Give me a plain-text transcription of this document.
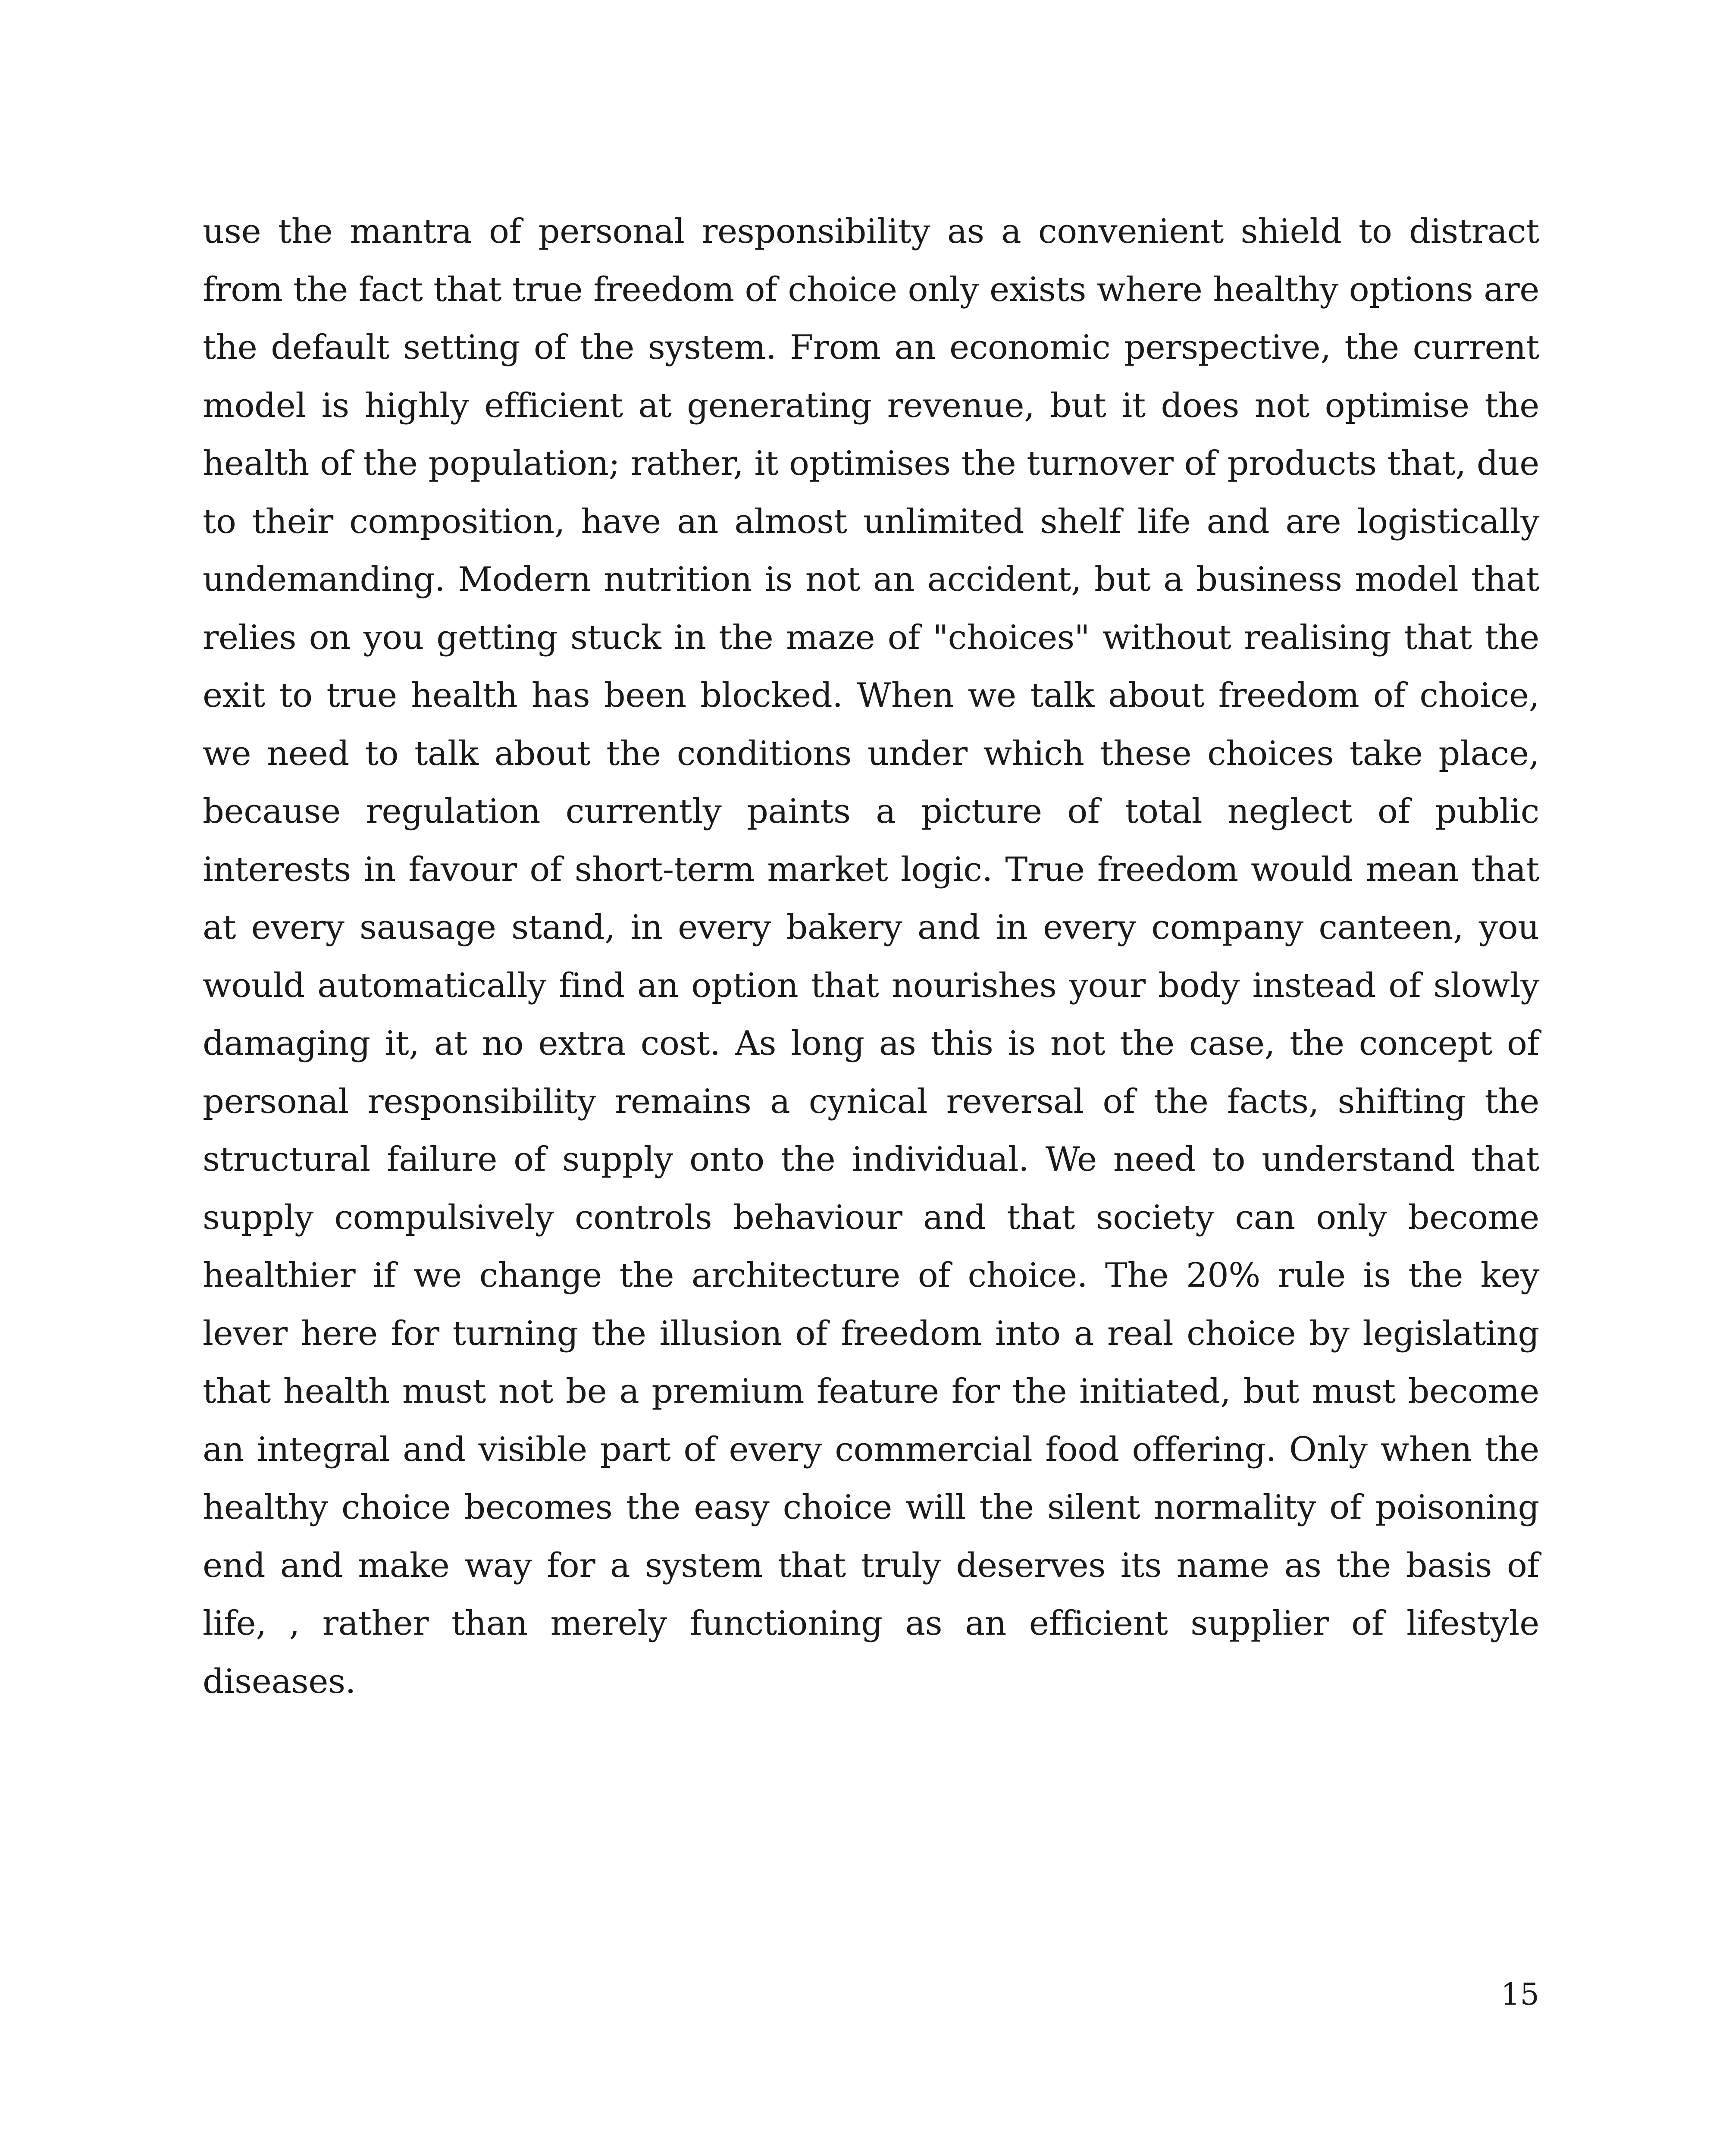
use the mantra of personal responsibility as a convenient shield to distract from the fact that true freedom of choice only exists where healthy options are the default setting of the system. From an economic perspective, the current model is highly efficient at generating revenue, but it does not optimise the health of the population; rather, it optimises the turnover of products that, due to their composition, have an almost unlimited shelf life and are logistically undemanding. Modern nutrition is not an accident, but a business model that relies on you getting stuck in the maze of "choices" without realising that the exit to true health has been blocked. When we talk about freedom of choice, we need to talk about the conditions under which these choices take place, because regulation currently paints a picture of total neglect of public interests in favour of short-term market logic. True freedom would mean that at every sausage stand, in every bakery and in every company canteen, you would automatically find an option that nourishes your body instead of slowly damaging it, at no extra cost. As long as this is not the case, the concept of personal responsibility remains a cynical reversal of the facts, shifting the structural failure of supply onto the individual. We need to understand that supply compulsively controls behaviour and that society can only become healthier if we change the architecture of choice. The 20% rule is the key lever here for turning the illusion of freedom into a real choice by legislating that health must not be a premium feature for the initiated, but must become an integral and visible part of every commercial food offering. Only when the healthy choice becomes the easy choice will the silent normality of poisoning end and make way for a system that truly deserves its name as the basis of life, , rather than merely functioning as an efficient supplier of lifestyle diseases.

15
